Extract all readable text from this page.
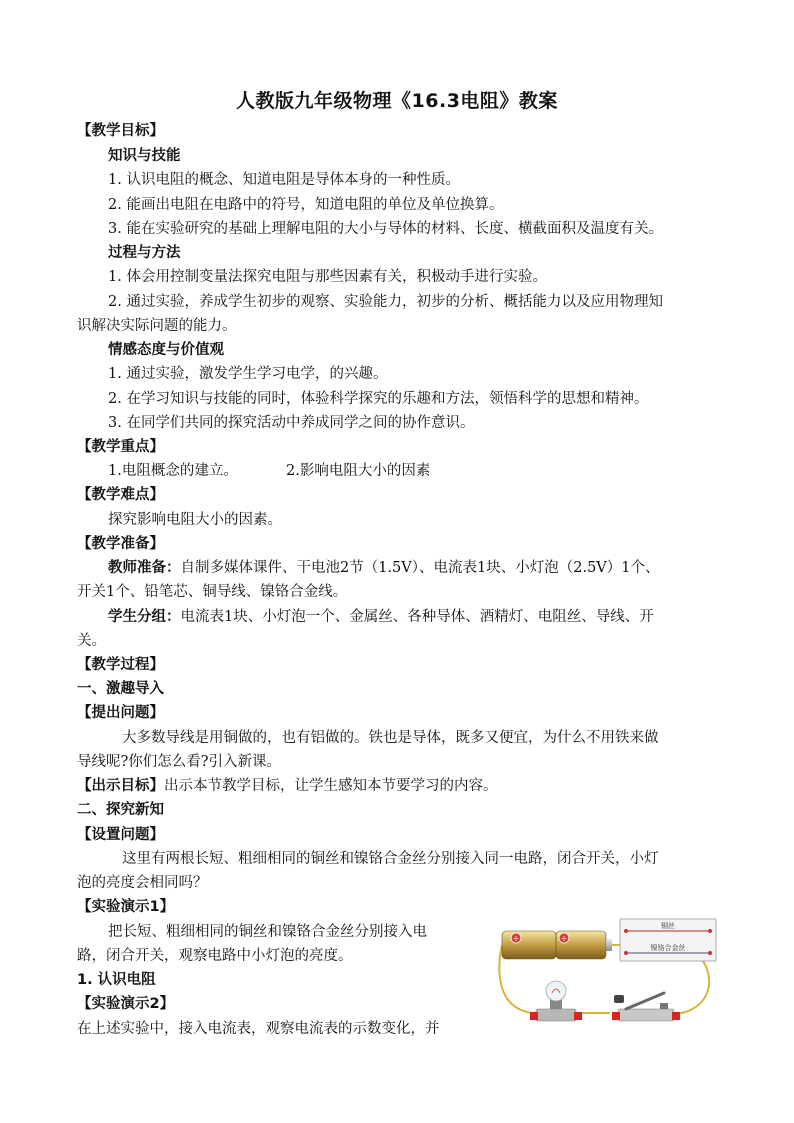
人教版九年级物理《16.3电阻》教案
【教学目标】
知识与技能
1. 认识电阻的概念、知道电阻是导体本身的一种性质。
2. 能画出电阻在电路中的符号，知道电阻的单位及单位换算。
3. 能在实验研究的基础上理解电阻的大小与导体的材料、长度、横截面积及温度有关。
过程与方法
1. 体会用控制变量法探究电阻与那些因素有关，积极动手进行实验。
2. 通过实验，养成学生初步的观察、实验能力，初步的分析、概括能力以及应用物理知
识解决实际问题的能力。
情感态度与价值观
1. 通过实验，激发学生学习电学，的兴趣。
2. 在学习知识与技能的同时，体验科学探究的乐趣和方法，领悟科学的思想和精神。
3. 在同学们共同的探究活动中养成同学之间的协作意识。
【教学重点】
1.电阻概念的建立。	2.影响电阻大小的因素
【教学难点】
探究影响电阻大小的因素。
【教学准备】
教师准备：自制多媒体课件、干电池2节（1.5V）、电流表1块、小灯泡（2.5V）1个、
开关1个、铅笔芯、铜导线、镍铬合金线。
学生分组：电流表1块、小灯泡一个、金属丝、各种导体、酒精灯、电阻丝、导线、开
关。
【教学过程】
一、激趣导入
【提出问题】
大多数导线是用铜做的，也有铝做的。铁也是导体，既多又便宜，为什么不用铁来做
导线呢?你们怎么看?引入新课。
【出示目标】出示本节教学目标，让学生感知本节要学习的内容。
二、探究新知
【设置问题】
这里有两根长短、粗细相同的铜丝和镍铬合金丝分别接入同一电路，闭合开关，小灯
泡的亮度会相同吗？
【实验演示1】
把长短、粗细相同的铜丝和镍铬合金丝分别接入电
路，闭合开关，观察电路中小灯泡的亮度。
1. 认识电阻
【实验演示2】
在上述实验中，接入电流表，观察电流表的示数变化，并
+	+
铜丝
镍铬合金丝
